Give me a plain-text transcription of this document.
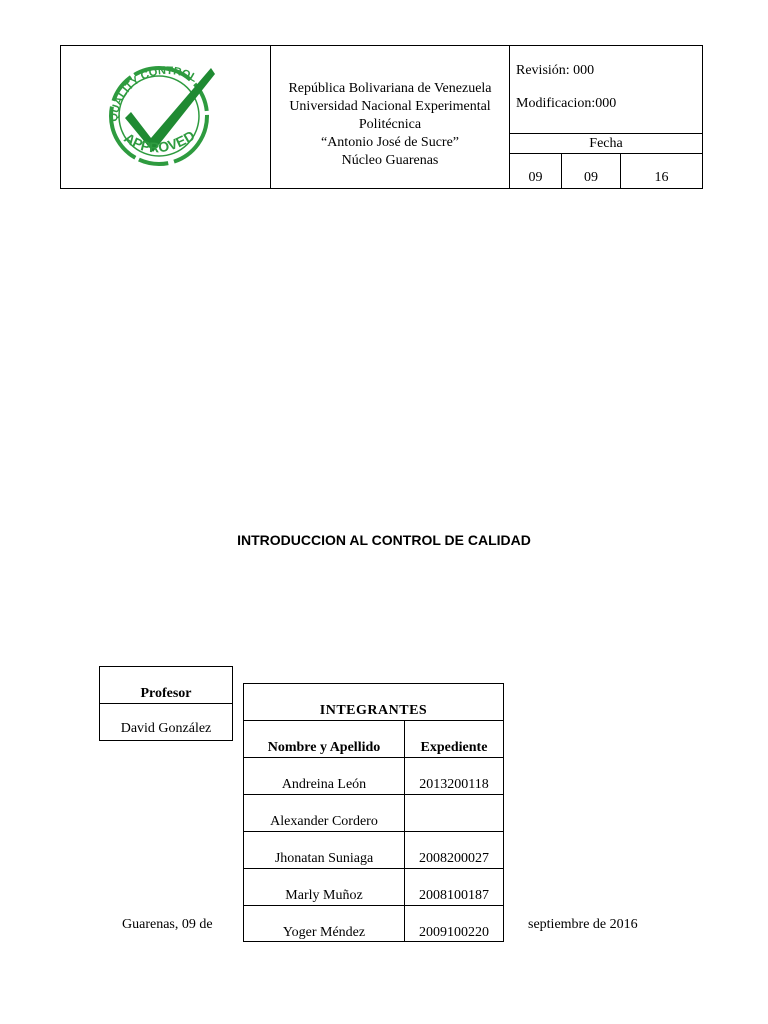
QUALITY CONTROL
APPROVED
República Bolivariana de Venezuela
Universidad Nacional Experimental
Politécnica
“Antonio José de Sucre”
Núcleo Guarenas
Revisión: 000
Modificacion:000
Fecha
09	09	16
INTRODUCCION AL CONTROL DE CALIDAD
Profesor
David González
INTEGRANTES
Nombre y Apellido	Expediente
Andreina León	2013200118
Alexander Cordero
Jhonatan Suniaga	2008200027
Marly Muñoz	2008100187
Yoger Méndez	2009100220
Guarenas, 09 de	septiembre de 2016
